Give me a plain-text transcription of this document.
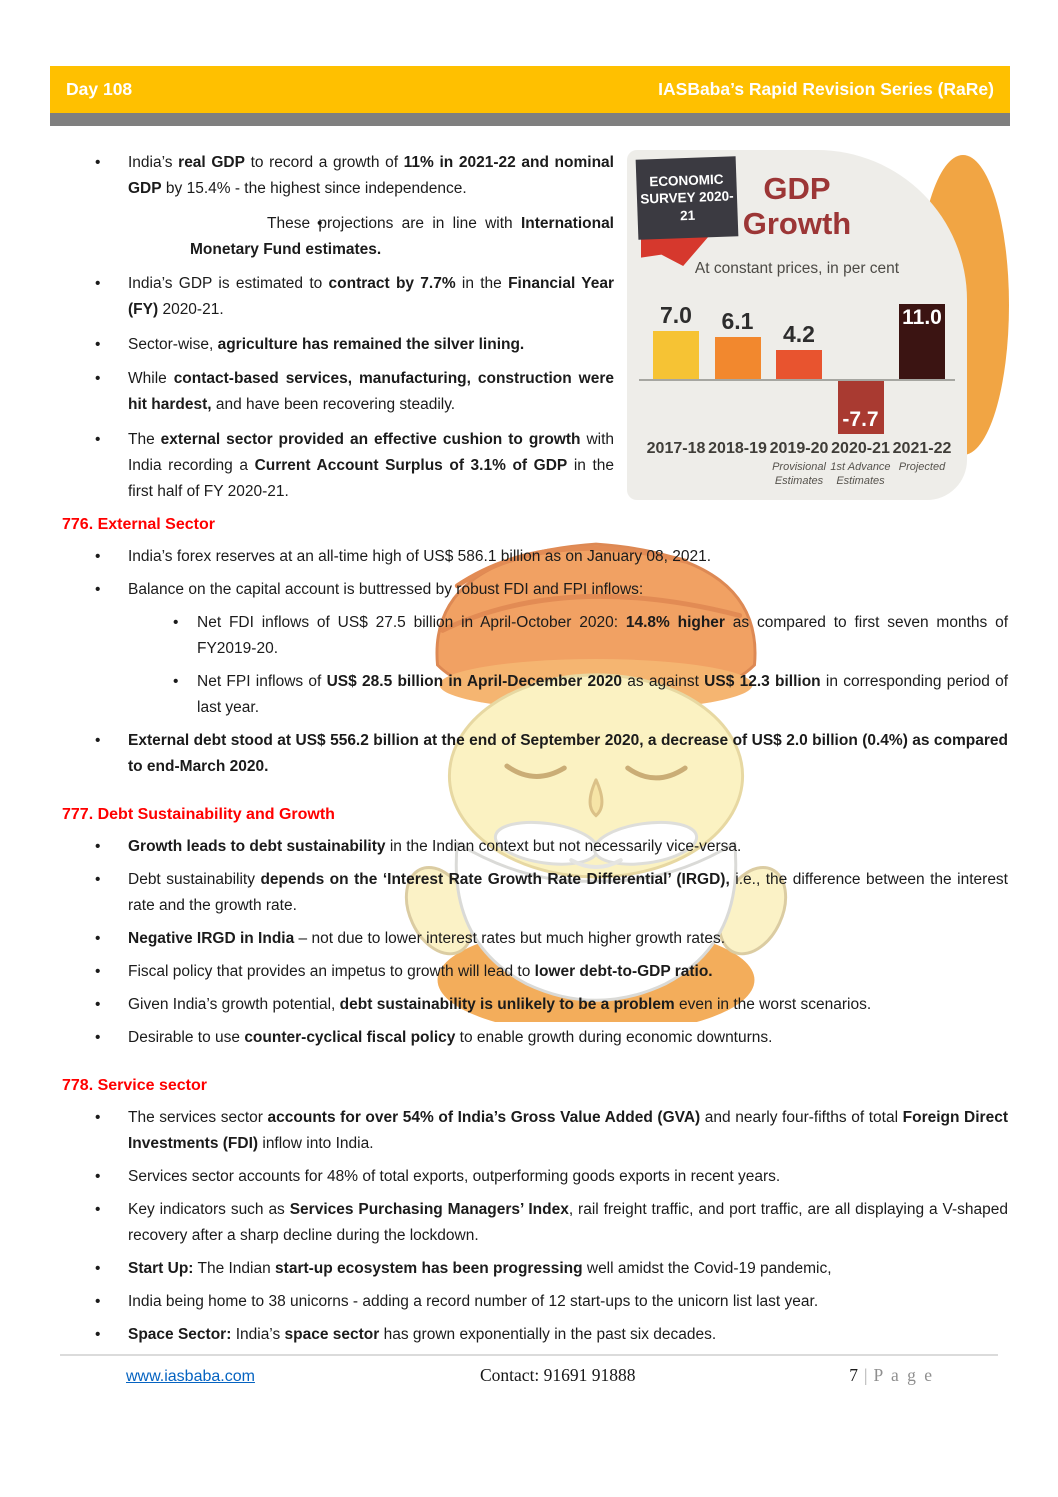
Day 108	IASBaba’s Rapid Revision Series (RaRe)
• India’s real GDP to record a growth of 11% in 2021-22 and nominal GDP by 15.4% - the highest since independence.
• These projections are in line with International Monetary Fund estimates.
• India’s GDP is estimated to contract by 7.7% in the Financial Year (FY) 2020-21.
• Sector-wise, agriculture has remained the silver lining.
• While contact-based services, manufacturing, construction were hit hardest, and have been recovering steadily.
• The external sector provided an effective cushion to growth with India recording a Current Account Surplus of 3.1% of GDP in the first half of FY 2020-21.
ECONOMIC SURVEY 2020-21
GDP Growth
At constant prices, in per cent
7.0
2017-18
6.1
2018-19
4.2
2019-20
Provisional Estimates
-7.7
2020-21
1st Advance Estimates
11.0
2021-22
Projected
776. External Sector
• India’s forex reserves at an all-time high of US$ 586.1 billion as on January 08, 2021.
• Balance on the capital account is buttressed by robust FDI and FPI inflows:
• Net FDI inflows of US$ 27.5 billion in April-October 2020: 14.8% higher as compared to first seven months of FY2019-20.
• Net FPI inflows of US$ 28.5 billion in April-December 2020 as against US$ 12.3 billion in corresponding period of last year.
• External debt stood at US$ 556.2 billion at the end of September 2020, a decrease of US$ 2.0 billion (0.4%) as compared to end-March 2020.
777. Debt Sustainability and Growth
• Growth leads to debt sustainability in the Indian context but not necessarily vice-versa.
• Debt sustainability depends on the ‘Interest Rate Growth Rate Differential’ (IRGD), i.e., the difference between the interest rate and the growth rate.
• Negative IRGD in India – not due to lower interest rates but much higher growth rates.
• Fiscal policy that provides an impetus to growth will lead to lower debt-to-GDP ratio.
• Given India’s growth potential, debt sustainability is unlikely to be a problem even in the worst scenarios.
• Desirable to use counter-cyclical fiscal policy to enable growth during economic downturns.
778. Service sector
• The services sector accounts for over 54% of India’s Gross Value Added (GVA) and nearly four-fifths of total Foreign Direct Investments (FDI) inflow into India.
• Services sector accounts for 48% of total exports, outperforming goods exports in recent years.
• Key indicators such as Services Purchasing Managers’ Index, rail freight traffic, and port traffic, are all displaying a V-shaped recovery after a sharp decline during the lockdown.
• Start Up: The Indian start-up ecosystem has been progressing well amidst the Covid-19 pandemic,
• India being home to 38 unicorns - adding a record number of 12 start-ups to the unicorn list last year.
• Space Sector: India’s space sector has grown exponentially in the past six decades.
www.iasbaba.com	Contact: 91691 91888	7 | P a g e
